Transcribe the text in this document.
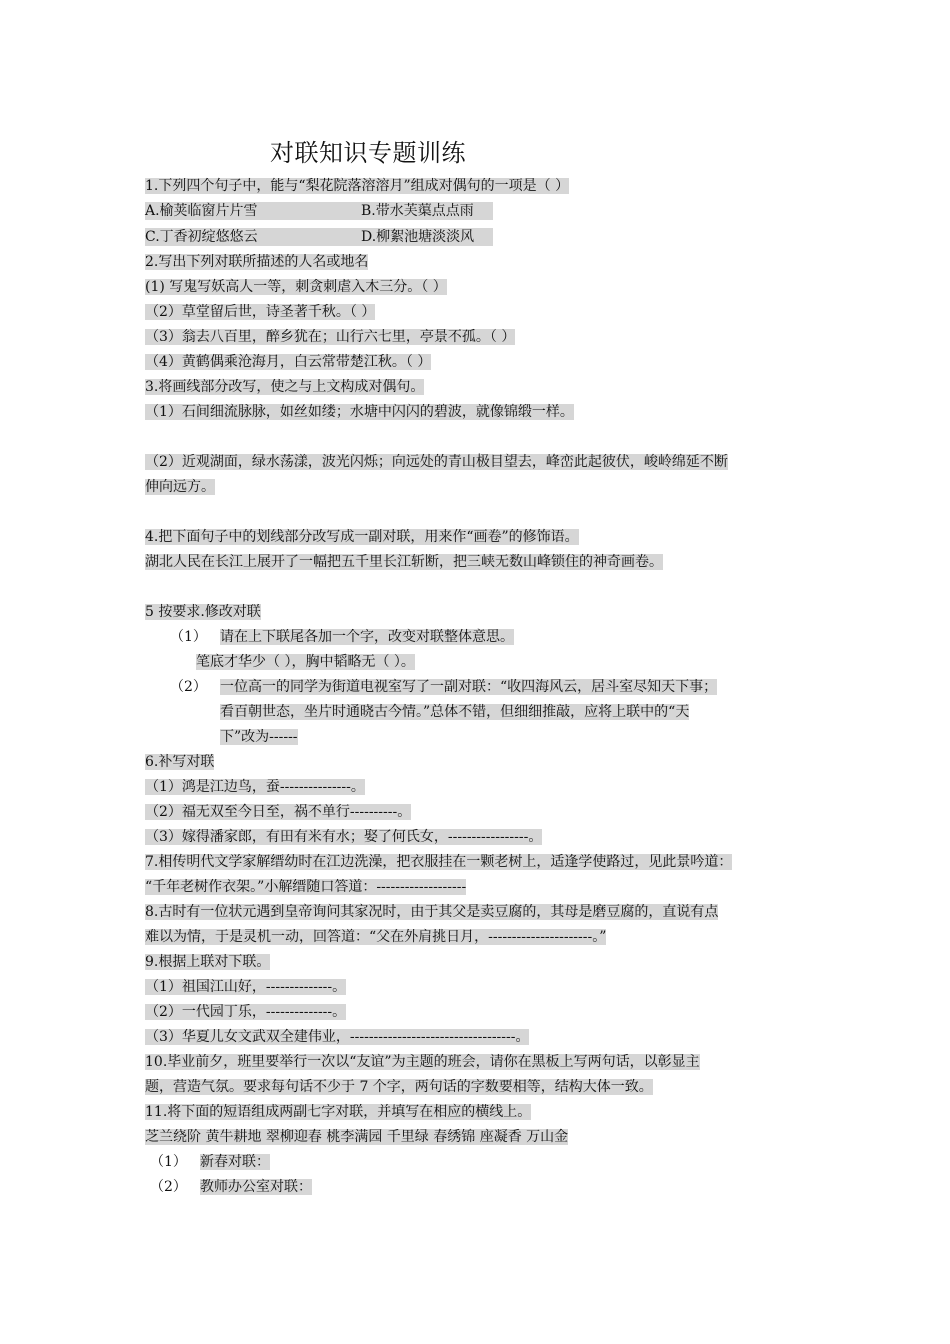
对联知识专题训练
1.下列四个句子中，能与“梨花院落溶溶月”组成对偶句的一项是（ ）
A.榆荚临窗片片雪	B.带水芙蕖点点雨
C.丁香初绽悠悠云	D.柳絮池塘淡淡风
2.写出下列对联所描述的人名或地名
(1) 写鬼写妖高人一等，刺贪刺虐入木三分。（ ）
（2）草堂留后世，诗圣著千秋。（ ）
（3）翁去八百里，醉乡犹在；山行六七里，亭景不孤。（ ）
（4）黄鹤偶乘沧海月，白云常带楚江秋。（ ）
3.将画线部分改写，使之与上文构成对偶句。
（1）石间细流脉脉，如丝如缕；水塘中闪闪的碧波，就像锦缎一样。
（2）近观湖面，绿水荡漾，波光闪烁；向远处的青山极目望去，峰峦此起彼伏，峻岭绵延不断
伸向远方。
4.把下面句子中的划线部分改写成一副对联，用来作“画卷”的修饰语。
湖北人民在长江上展开了一幅把五千里长江斩断，把三峡无数山峰锁住的神奇画卷。
5 按要求.修改对联
（1） 请在上下联尾各加一个字，改变对联整体意思。
笔底才华少（ ），胸中韬略无（ ）。
（2） 一位高一的同学为街道电视室写了一副对联：“收四海风云，居斗室尽知天下事；
看百朝世态，坐片时通晓古今情。”总体不错，但细细推敲，应将上联中的“天
下”改为------
6.补写对联
（1）鸿是江边鸟，蚕---------------。
（2）福无双至今日至，祸不单行----------。
（3）嫁得潘家郎，有田有米有水；娶了何氏女，-----------------。
7.相传明代文学家解缙幼时在江边洗澡，把衣服挂在一颗老树上，适逢学使路过，见此景吟道：
“千年老树作衣架。”小解缙随口答道：-------------------
8.古时有一位状元遇到皇帝询问其家况时，由于其父是卖豆腐的，其母是磨豆腐的，直说有点
难以为情，于是灵机一动，回答道：“父在外肩挑日月，----------------------。”
9.根据上联对下联。
（1）祖国江山好，--------------。
（2）一代园丁乐，--------------。
（3）华夏儿女文武双全建伟业，-----------------------------------。
10.毕业前夕，班里要举行一次以“友谊”为主题的班会，请你在黑板上写两句话，以彰显主
题，营造气氛。要求每句话不少于 7 个字，两句话的字数要相等，结构大体一致。
11.将下面的短语组成两副七字对联，并填写在相应的横线上。
芝兰绕阶 黄牛耕地 翠柳迎春 桃李满园 千里绿 春绣锦 座凝香 万山金
（1） 新春对联：
（2） 教师办公室对联：
